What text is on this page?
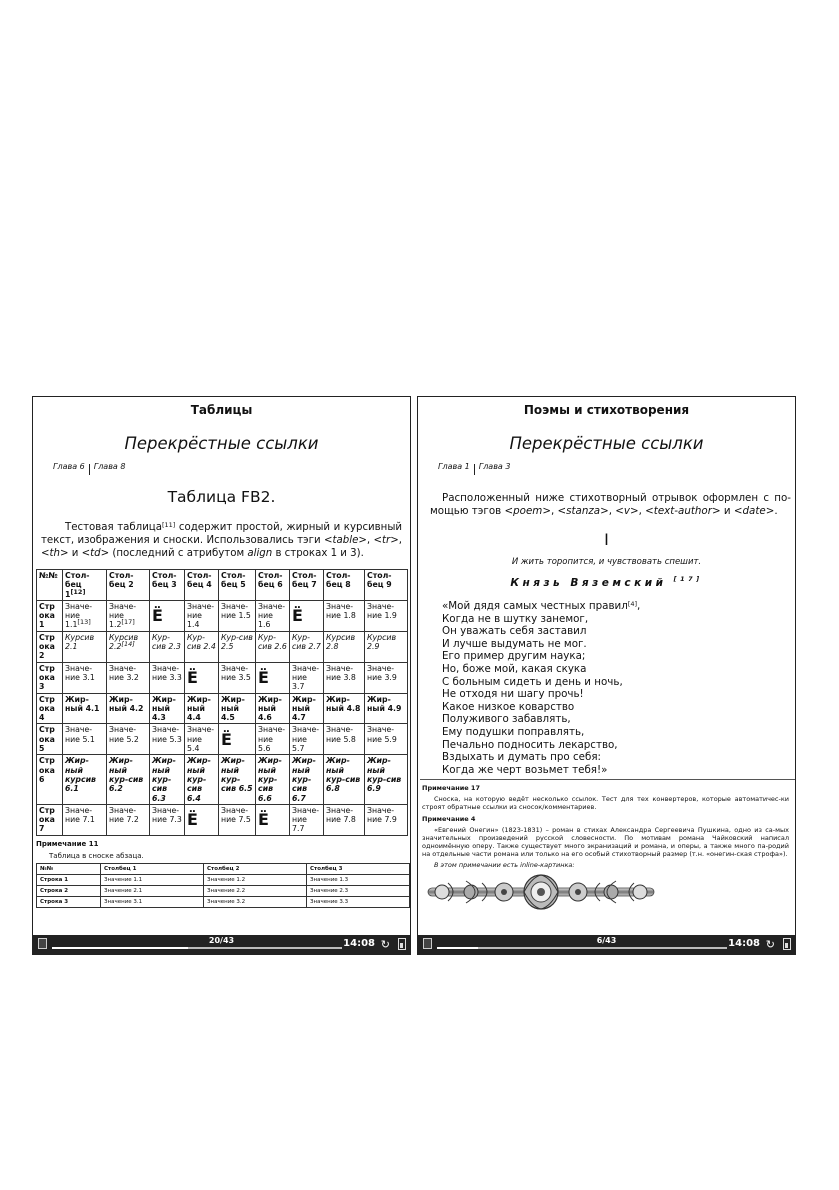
Таблицы
Перекрёстные ссылки
Глава 6 Глава 8
Таблица FB2.
Тестовая таблица[11] содержит простой, жирный и курсивный текст, изображения и сноски. Использовались тэги <table>, <tr>, <th> и <td> (последний с атрибутом align в строках 1 и 3).
№№	Стол-бец 1[12]	Стол-бец 2	Стол-бец 3	Стол-бец 4	Стол-бец 5	Стол-бец 6	Стол-бец 7	Стол-бец 8	Стол-бец 9
Стр ока 1	Значе-ние 1.1[13]	Значе-ние 1.2[17]	Ё	Значе-ние 1.4	Значе-ние 1.5	Значе-ние 1.6	Ё	Значе-ние 1.8	Значе-ние 1.9
Стр ока 2	Курсив 2.1	Курсив 2.2[14]	Кур-сив 2.3	Кур-сив 2.4	Кур-сив 2.5	Кур-сив 2.6	Кур-сив 2.7	Курсив 2.8	Курсив 2.9
Стр ока 3	Значе-ние 3.1	Значе-ние 3.2	Значе-ние 3.3	Ё	Значе-ние 3.5	Ё	Значе-ние 3.7	Значе-ние 3.8	Значе-ние 3.9
Стр ока 4	Жир-ный 4.1	Жир-ный 4.2	Жир-ный 4.3	Жир-ный 4.4	Жир-ный 4.5	Жир-ный 4.6	Жир-ный 4.7	Жир-ный 4.8	Жир-ный 4.9
Стр ока 5	Значе-ние 5.1	Значе-ние 5.2	Значе-ние 5.3	Значе-ние 5.4	Ё	Значе-ние 5.6	Значе-ние 5.7	Значе-ние 5.8	Значе-ние 5.9
Стр ока 6	Жир-ный курсив 6.1	Жир-ный кур-сив 6.2	Жир-ный кур-сив 6.3	Жир-ный кур-сив 6.4	Жир-ный кур-сив 6.5	Жир-ный кур-сив 6.6	Жир-ный кур-сив 6.7	Жир-ный кур-сив 6.8	Жир-ный кур-сив 6.9
Стр ока 7	Значе-ние 7.1	Значе-ние 7.2	Значе-ние 7.3	Ё	Значе-ние 7.5	Ё	Значе-ние 7.7	Значе-ние 7.8	Значе-ние 7.9
Примечание 11
Таблица в сноске абзаца.
№№	Столбец 1	Столбец 2	Столбец 3
Строка 1	Значение 1.1	Значение 1.2	Значение 1.3
Строка 2	Значение 2.1	Значение 2.2	Значение 2.3
Строка 3	Значение 3.1	Значение 3.2	Значение 3.3
20/43	14:08 ↻
Поэмы и стихотворения
Перекрёстные ссылки
Глава 1 Глава 3
Расположенный ниже стихотворный отрывок оформлен с по-мощью тэгов <poem>, <stanza>, <v>, <text-author> и <date>.
I
И жить торопится, и чувствовать спешит.
Князь Вяземский [17]
«Мой дядя самых честных правил[4],
Когда не в шутку занемог,
Он уважать себя заставил
И лучше выдумать не мог.
Его пример другим наука;
Но, боже мой, какая скука
С больным сидеть и день и ночь,
Не отходя ни шагу прочь!
Какое низкое коварство
Полуживого забавлять,
Ему подушки поправлять,
Печально подносить лекарство,
Вздыхать и думать про себя:
Когда же черт возьмет тебя!»
Примечание 17
Сноска, на которую ведёт несколько ссылок. Тест для тех конвертеров, которые автоматичес-ки строят обратные ссылки из сносок/комментариев.
Примечание 4
«Евгений Онегин» (1823-1831) – роман в стихах Александра Сергеевича Пушкина, одно из са-мых значительных произведений русской словесности. По мотивам романа Чайковский написал одноимённую оперу. Также существует много экранизаций и романа, и оперы, а также много па-родий на отдельные части романа или только на его особый стихотворный размер (т.н. «онегин-ская строфа»).
В этом примечании есть inline-картинка:
6/43	14:08 ↻
